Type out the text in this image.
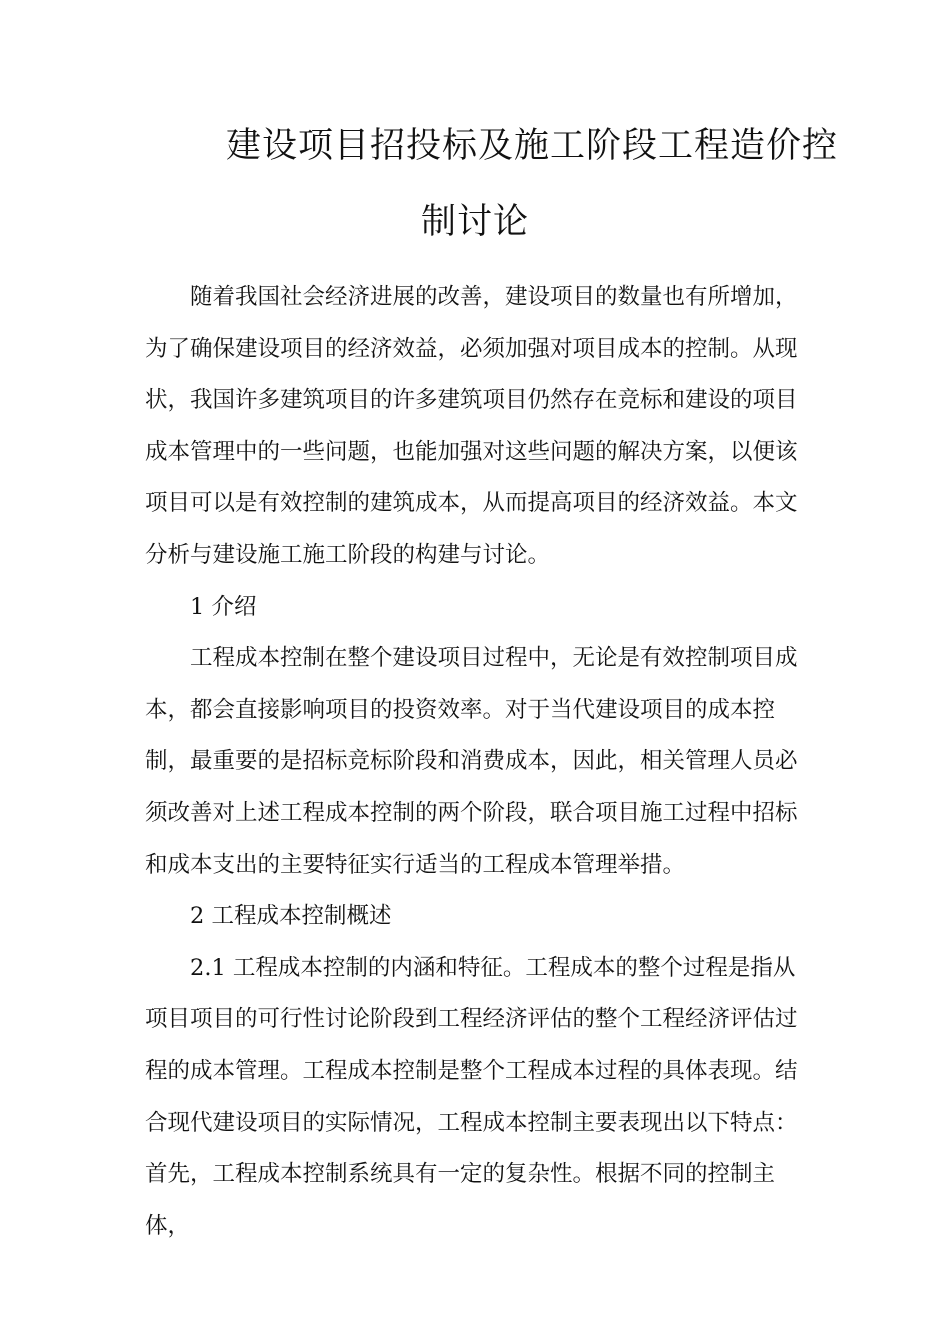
建设项目招投标及施工阶段工程造价控
制讨论

随着我国社会经济进展的改善，建设项目的数量也有所增加，为了确保建设项目的经济效益，必须加强对项目成本的控制。从现状，我国许多建筑项目的许多建筑项目仍然存在竞标和建设的项目成本管理中的一些问题，也能加强对这些问题的解决方案，以便该项目可以是有效控制的建筑成本，从而提高项目的经济效益。本文分析与建设施工施工阶段的构建与讨论。

1 介绍

工程成本控制在整个建设项目过程中，无论是有效控制项目成本，都会直接影响项目的投资效率。对于当代建设项目的成本控制，最重要的是招标竞标阶段和消费成本，因此，相关管理人员必须改善对上述工程成本控制的两个阶段，联合项目施工过程中招标和成本支出的主要特征实行适当的工程成本管理举措。

2 工程成本控制概述

2.1 工程成本控制的内涵和特征。工程成本的整个过程是指从项目项目的可行性讨论阶段到工程经济评估的整个工程经济评估过程的成本管理。工程成本控制是整个工程成本过程的具体表现。结合现代建设项目的实际情况，工程成本控制主要表现出以下特点：首先，工程成本控制系统具有一定的复杂性。根据不同的控制主体，
